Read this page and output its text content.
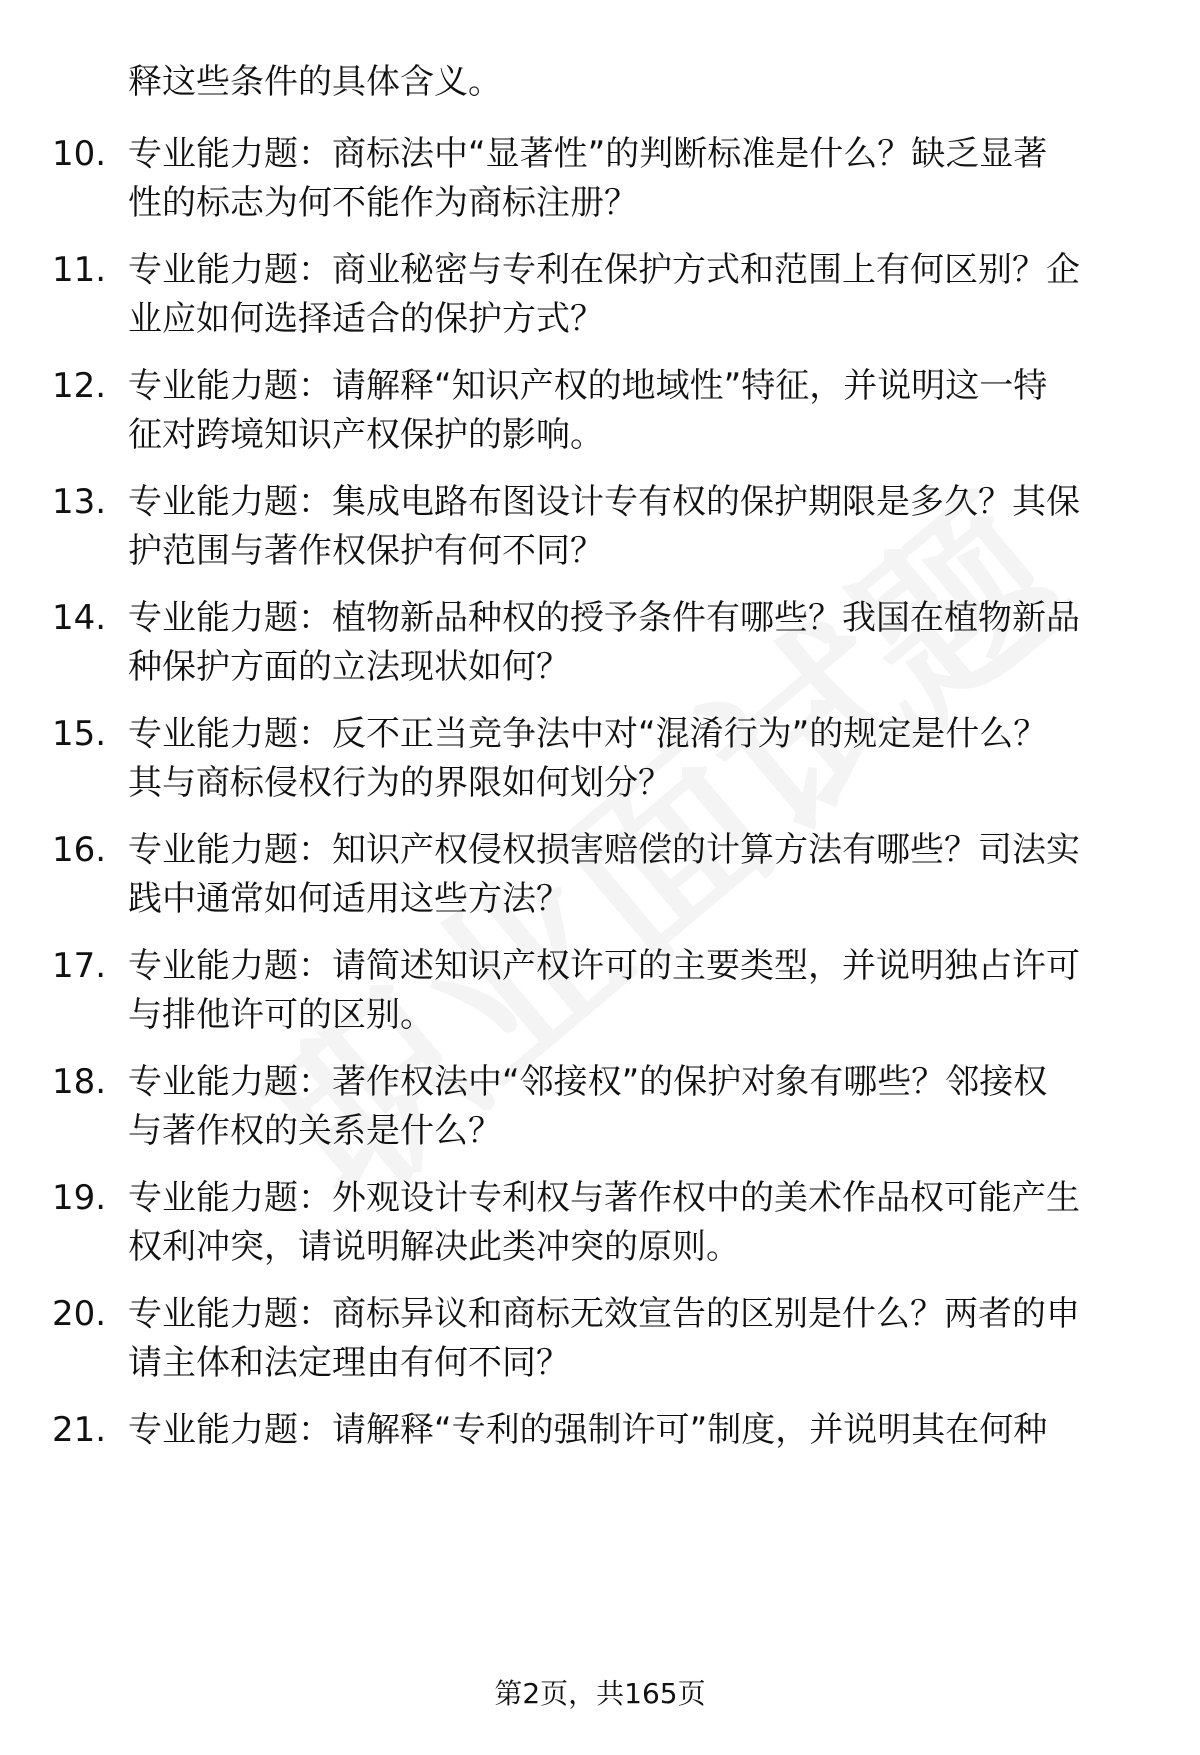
释这些条件的具体含义。
10. 专业能力题：商标法中“显著性”的判断标准是什么？缺乏显著
性的标志为何不能作为商标注册？
11. 专业能力题：商业秘密与专利在保护方式和范围上有何区别？企
业应如何选择适合的保护方式？
12. 专业能力题：请解释“知识产权的地域性”特征，并说明这一特
征对跨境知识产权保护的影响。
13. 专业能力题：集成电路布图设计专有权的保护期限是多久？其保
护范围与著作权保护有何不同？
14. 专业能力题：植物新品种权的授予条件有哪些？我国在植物新品
种保护方面的立法现状如何？
15. 专业能力题：反不正当竞争法中对“混淆行为”的规定是什么？
其与商标侵权行为的界限如何划分？
16. 专业能力题：知识产权侵权损害赔偿的计算方法有哪些？司法实
践中通常如何适用这些方法？
17. 专业能力题：请简述知识产权许可的主要类型，并说明独占许可
与排他许可的区别。
18. 专业能力题：著作权法中“邻接权”的保护对象有哪些？邻接权
与著作权的关系是什么？
19. 专业能力题：外观设计专利权与著作权中的美术作品权可能产生
权利冲突，请说明解决此类冲突的原则。
20. 专业能力题：商标异议和商标无效宣告的区别是什么？两者的申
请主体和法定理由有何不同？
21. 专业能力题：请解释“专利的强制许可”制度，并说明其在何种
第2页，共165页
